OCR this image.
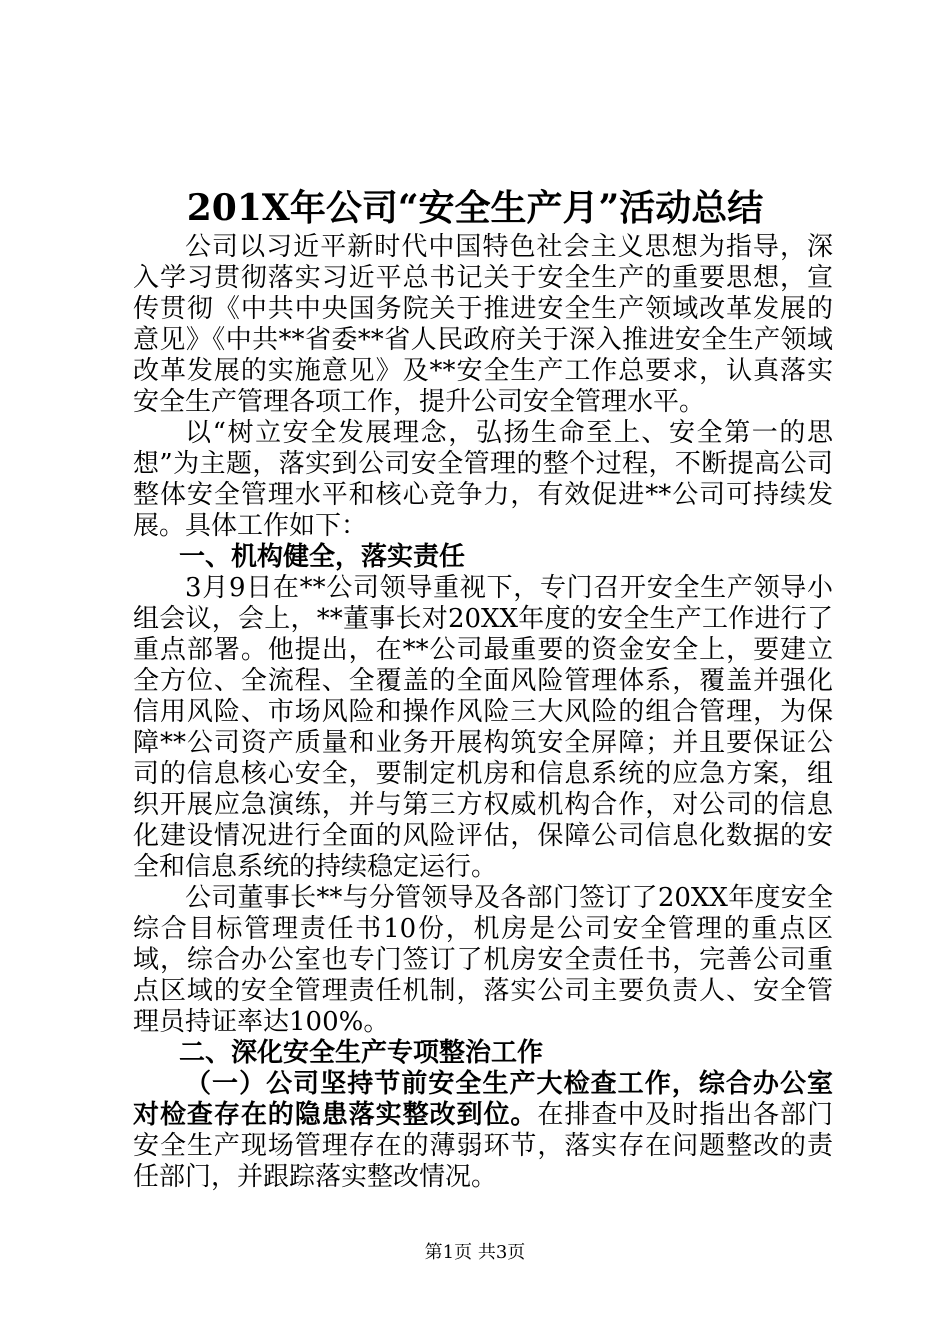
201X年公司“安全生产月”活动总结

公司以习近平新时代中国特色社会主义思想为指导，深入学习贯彻落实习近平总书记关于安全生产的重要思想，宣传贯彻《中共中央国务院关于推进安全生产领域改革发展的意见》《中共**省委**省人民政府关于深入推进安全生产领域改革发展的实施意见》及**安全生产工作总要求，认真落实安全生产管理各项工作，提升公司安全管理水平。

以“树立安全发展理念，弘扬生命至上、安全第一的思想”为主题，落实到公司安全管理的整个过程，不断提高公司整体安全管理水平和核心竞争力，有效促进**公司可持续发展。具体工作如下：

一、机构健全，落实责任

3月9日在**公司领导重视下，专门召开安全生产领导小组会议，会上，**董事长对20XX年度的安全生产工作进行了重点部署。他提出，在**公司最重要的资金安全上，要建立全方位、全流程、全覆盖的全面风险管理体系，覆盖并强化信用风险、市场风险和操作风险三大风险的组合管理，为保障**公司资产质量和业务开展构筑安全屏障；并且要保证公司的信息核心安全，要制定机房和信息系统的应急方案，组织开展应急演练，并与第三方权威机构合作，对公司的信息化建设情况进行全面的风险评估，保障公司信息化数据的安全和信息系统的持续稳定运行。

公司董事长**与分管领导及各部门签订了20XX年度安全综合目标管理责任书10份，机房是公司安全管理的重点区域，综合办公室也专门签订了机房安全责任书，完善公司重点区域的安全管理责任机制，落实公司主要负责人、安全管理员持证率达100%。

二、深化安全生产专项整治工作

（一）公司坚持节前安全生产大检查工作，综合办公室对检查存在的隐患落实整改到位。在排查中及时指出各部门安全生产现场管理存在的薄弱环节，落实存在问题整改的责任部门，并跟踪落实整改情况。

第1页 共3页
